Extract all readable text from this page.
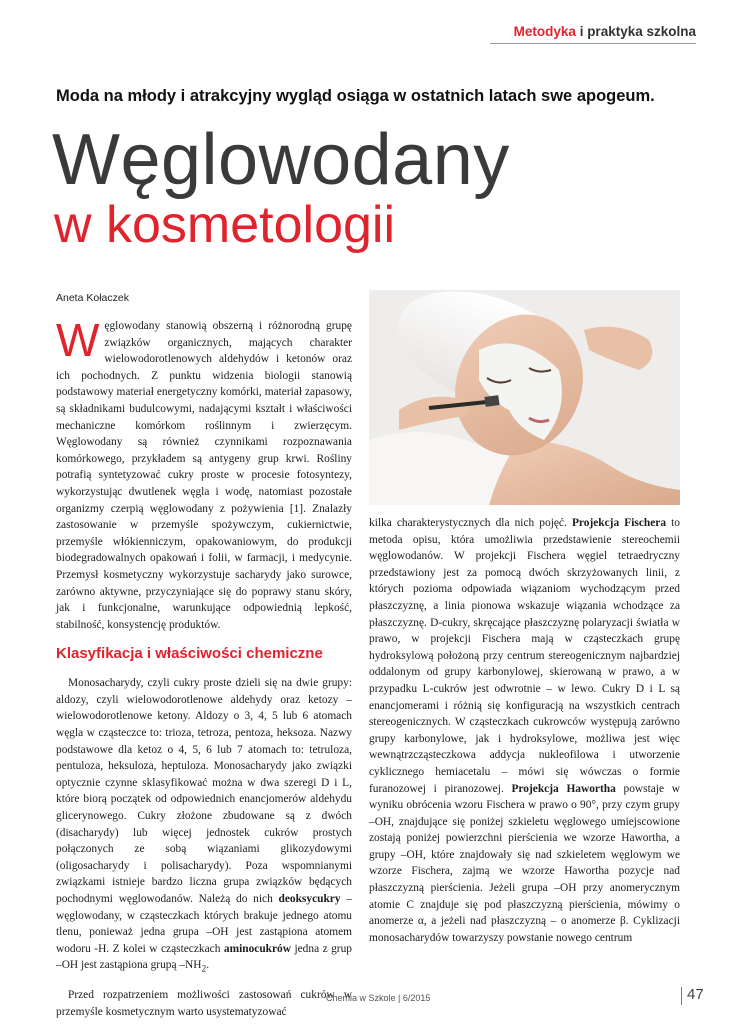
Metodyka i praktyka szkolna
Moda na młody i atrakcyjny wygląd osiąga w ostatnich latach swe apogeum.
Węglowodany
w kosmetologii
Aneta Kołaczek

Węglowodany stanowią obszerną i różnorodną grupę związków organicznych, mających charakter wielowodorotlenowych aldehydów i ketonów oraz ich pochodnych. Z punktu widzenia biologii stanowią podstawowy materiał energetyczny komórki, materiał zapasowy, są składnikami budulcowymi, nadającymi kształt i właściwości mechaniczne komórkom roślinnym i zwierzęcym. Węglowodany są również czynnikami rozpoznawania komórkowego, przykładem są antygeny grup krwi. Rośliny potrafią syntetyzować cukry proste w procesie fotosyntezy, wykorzystując dwutlenek węgla i wodę, natomiast pozostałe organizmy czerpią węglowodany z pożywienia [1]. Znalazły zastosowanie w przemyśle spożywczym, cukiernictwie, przemyśle włókienniczym, opakowaniowym, do produkcji biodegradowalnych opakowań i folii, w farmacji, i medycynie. Przemysł kosmetyczny wykorzystuje sacharydy jako surowce, zarówno aktywne, przyczyniające się do poprawy stanu skóry, jak i funkcjonalne, warunkujące odpowiednią lepkość, stabilność, konsystencję produktów.

Klasyfikacja i właściwości chemiczne

Monosacharydy, czyli cukry proste dzieli się na dwie grupy: aldozy, czyli wielowodorotlenowe aldehydy oraz ketozy – wielowodorotlenowe ketony. Aldozy o 3, 4, 5 lub 6 atomach węgla w cząsteczce to: trioza, tetroza, pentoza, heksoza. Nazwy podstawowe dla ketoz o 4, 5, 6 lub 7 atomach to: tetruloza, pentuloza, heksuloza, heptuloza. Monosacharydy jako związki optycznie czynne sklasyfikować można w dwa szeregi D i L, które biorą początek od odpowiednich enancjomerów aldehydu glicerynowego. Cukry złożone zbudowane są z dwóch (disacharydy) lub więcej jednostek cukrów prostych połączonych ze sobą wiązaniami glikozydowymi (oligosacharydy i polisacharydy). Poza wspomnianymi związkami istnieje bardzo liczna grupa związków będących pochodnymi węglowodanów. Należą do nich deoksycukry – węglowodany, w cząsteczkach których brakuje jednego atomu tlenu, ponieważ jedna grupa –OH jest zastąpiona atomem wodoru -H. Z kolei w cząsteczkach aminocukrów jedna z grup –OH jest zastąpiona grupą $-NH_2$.

Przed rozpatrzeniem możliwości zastosowań cukrów w przemyśle kosmetycznym warto usystematyzować

kilka charakterystycznych dla nich pojęć. Projekcja Fischera to metoda opisu, która umożliwia przedstawienie stereochemii węglowodanów. W projekcji Fischera węgiel tetraedryczny przedstawiony jest za pomocą dwóch skrzyżowanych linii, z których pozioma odpowiada wiązaniom wychodzącym przed płaszczyznę, a linia pionowa wskazuje wiązania wchodzące za płaszczyznę. D-cukry, skręcające płaszczyznę polaryzacji światła w prawo, w projekcji Fischera mają w cząsteczkach grupę hydroksylową położoną przy centrum stereogenicznym najbardziej oddalonym od grupy karbonylowej, skierowaną w prawo, a w przypadku L-cukrów jest odwrotnie – w lewo. Cukry D i L są enancjomerami i różnią się konfiguracją na wszystkich centrach stereogenicznych. W cząsteczkach cukrowców występują zarówno grupy karbonylowe, jak i hydroksylowe, możliwa jest więc wewnątrzcząsteczkowa addycja nukleofilowa i utworzenie cyklicznego hemiacetalu – mówi się wówczas o formie furanozowej i piranozowej. Projekcja Hawortha powstaje w wyniku obrócenia wzoru Fischera w prawo o 90°, przy czym grupy –OH, znajdujące się poniżej szkieletu węglowego umiejscowione zostają poniżej powierzchni pierścienia we wzorze Hawortha, a grupy –OH, które znajdowały się nad szkieletem węglowym we wzorze Fischera, zajmą we wzorze Hawortha pozycje nad płaszczyzną pierścienia. Jeżeli grupa –OH przy anomerycznym atomie C znajduje się pod płaszczyzną pierścienia, mówimy o anomerze α, a jeżeli nad płaszczyzną – o anomerze β. Cyklizacji monosacharydów towarzyszy powstanie nowego centrum

Chemia w Szkole | 6/2015	47
